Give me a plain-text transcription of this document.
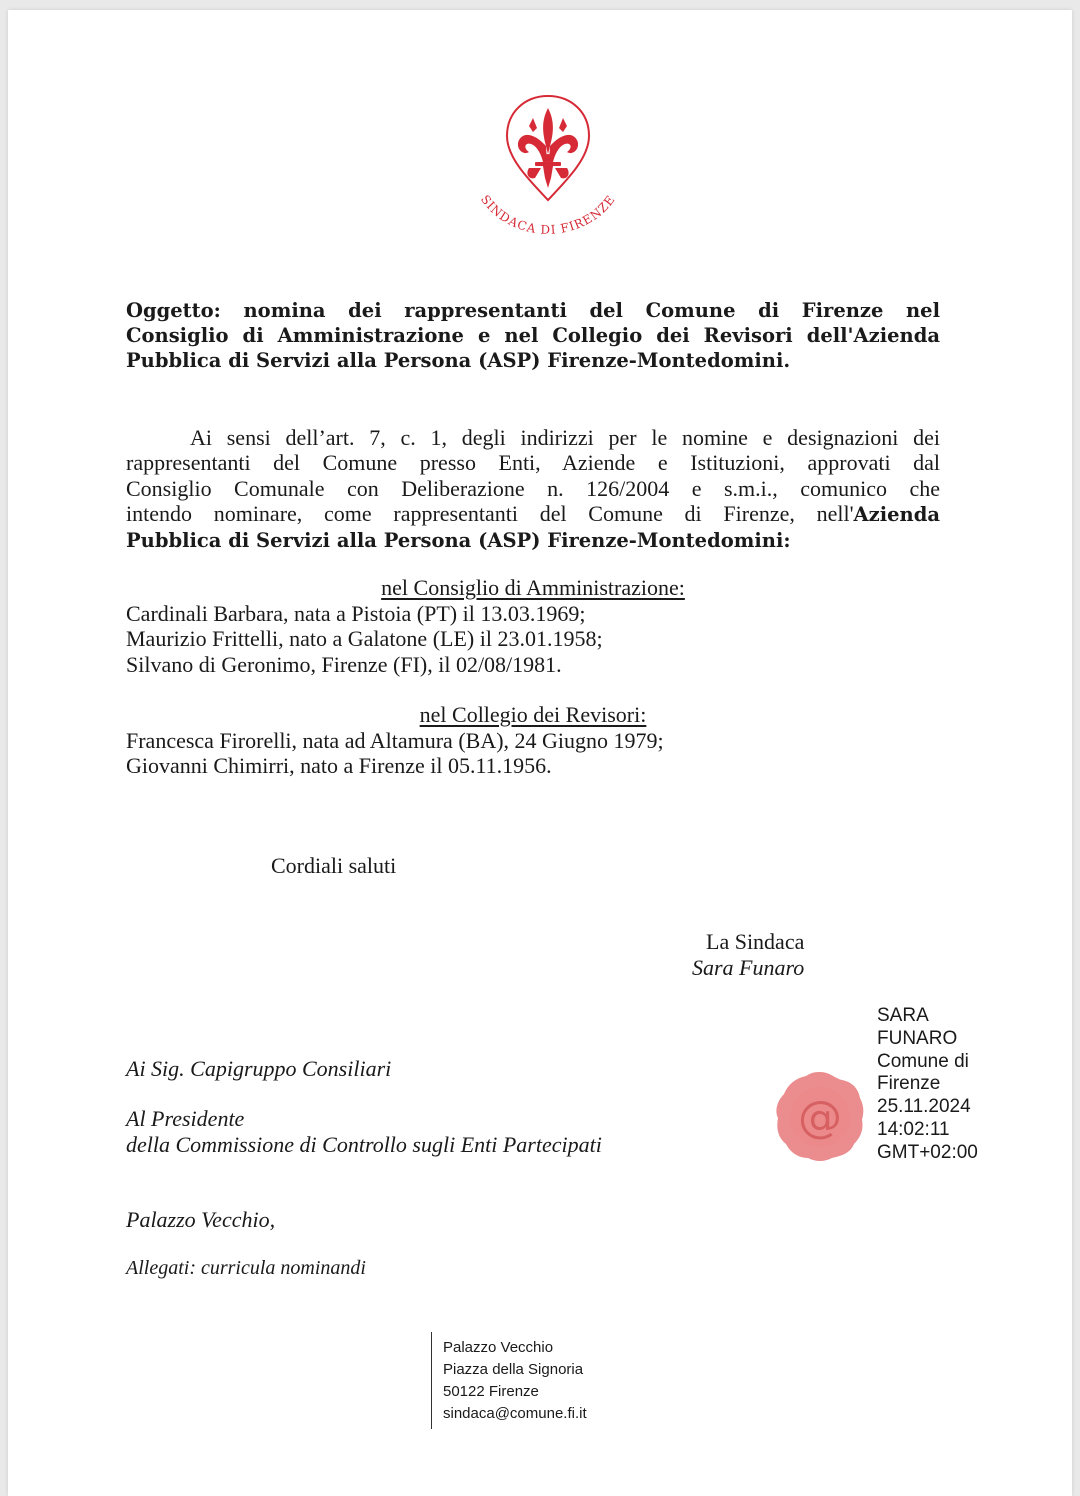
SINDACA DI FIRENZE
Oggetto: nomina dei rappresentanti del Comune di Firenze nel
Consiglio di Amministrazione e nel Collegio dei Revisori dell'Azienda
Pubblica di Servizi alla Persona (ASP) Firenze-Montedomini.
Ai sensi dell’art. 7, c. 1, degli indirizzi per le nomine e designazioni dei
rappresentanti del Comune presso Enti, Aziende e Istituzioni, approvati dal
Consiglio Comunale con Deliberazione n. 126/2004 e s.m.i., comunico che
intendo nominare, come rappresentanti del Comune di Firenze, nell'Azienda
Pubblica di Servizi alla Persona (ASP) Firenze-Montedomini:
nel Consiglio di Amministrazione:
Cardinali Barbara, nata a Pistoia (PT) il 13.03.1969;
Maurizio Frittelli, nato a Galatone (LE) il 23.01.1958;
Silvano di Geronimo, Firenze (FI), il 02/08/1981.
nel Collegio dei Revisori:
Francesca Firorelli, nata ad Altamura (BA), 24 Giugno 1979;
Giovanni Chimirri, nato a Firenze il 05.11.1956.
Cordiali saluti
La Sindaca
Sara Funaro
@
SARA
FUNARO
Comune di
Firenze
25.11.2024
14:02:11
GMT+02:00
Ai Sig. Capigruppo Consiliari
Al Presidente
della Commissione di Controllo sugli Enti Partecipati
Palazzo Vecchio,
Allegati: curricula nominandi
Palazzo Vecchio
Piazza della Signoria
50122 Firenze
sindaca@comune.fi.it
